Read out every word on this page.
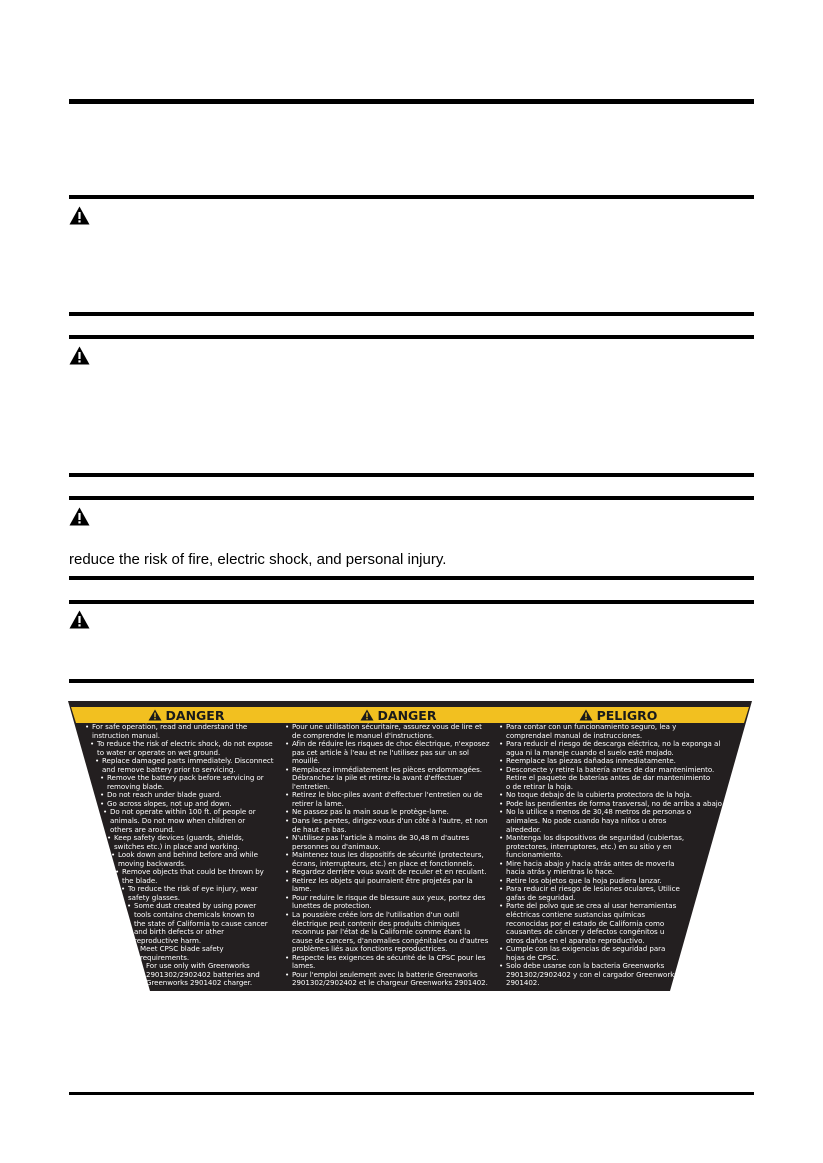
reduce the risk of fire, electric shock, and personal injury.
DANGER	DANGER	PELIGRO
• For safe operation, read and understand the
instruction manual.
• To reduce the risk of electric shock, do not expose
to water or operate on wet ground.
• Replace damaged parts immediately. Disconnect
and remove battery prior to servicing.
• Remove the battery pack before servicing or
removing blade.
• Do not reach under blade guard.
• Go across slopes, not up and down.
• Do not operate within 100 ft. of people or
animals. Do not mow when children or
others are around.
• Keep safety devices (guards, shields,
switches etc.) in place and working.
• Look down and behind before and while
moving backwards.
• Remove objects that could be thrown by
the blade.
• To reduce the risk of eye injury, wear
safety glasses.
• Some dust created by using power
tools contains chemicals known to
the state of California to cause cancer
and birth defects or other
reproductive harm.
• Meet CPSC blade safety
requirements.
• For use only with Greenworks
2901302/2902402 batteries and
Greenworks 2901402 charger.
• Pour une utilisation sécuritaire, assurez vous de lire et
de comprendre le manuel d'instructions.
• Afin de réduire les risques de choc électrique, n'exposez
pas cet article à l'eau et ne l'utilisez pas sur un sol
mouillé.
• Remplacez immédiatement les pièces endommagées.
Débranchez la pile et retirez-la avant d'effectuer
l'entretien.
• Retirez le bloc-piles avant d'effectuer l'entretien ou de
retirer la lame.
• Ne passez pas la main sous le protège-lame.
• Dans les pentes, dirigez-vous d'un côté à l'autre, et non
de haut en bas.
• N'utilisez pas l'article à moins de 30,48 m d'autres
personnes ou d'animaux.
• Maintenez tous les dispositifs de sécurité (protecteurs,
écrans, interrupteurs, etc.) en place et fonctionnels.
• Regardez derrière vous avant de reculer et en reculant.
• Retirez les objets qui pourraient être projetés par la
lame.
• Pour reduire le risque de blessure aux yeux, portez des
lunettes de protection.
• La poussière créée lors de l'utilisation d'un outil
électrique peut contenir des produits chimiques
reconnus par l'état de la Californie comme étant la
cause de cancers, d'anomalies congénitales ou d'autres
problèmes liés aux fonctions reproductrices.
• Respecte les exigences de sécurité de la CPSC pour les
lames.
• Pour l'emploi seulement avec la batterie Greenworks
2901302/2902402 et le chargeur Greenworks 2901402.
• Para contar con un funcionamiento seguro, lea y
comprendael manual de instrucciones.
• Para reducir el riesgo de descarga eléctrica, no la exponga al
agua ni la maneje cuando el suelo esté mojado.
• Reemplace las piezas dañadas inmediatamente.
• Desconecte y retire la batería antes de dar mantenimiento.
Retire el paquete de baterías antes de dar mantenimiento
o de retirar la hoja.
• No toque debajo de la cubierta protectora de la hoja.
• Pode las pendientes de forma trasversal, no de arriba a abajo.
• No la utilice a menos de 30,48 metros de personas o
animales. No pode cuando haya niños u otros
alrededor.
• Mantenga los dispositivos de seguridad (cubiertas,
protectores, interruptores, etc.) en su sitio y en
funcionamiento.
• Mire hacia abajo y hacia atrás antes de moverla
hacia atrás y mientras lo hace.
• Retire los objetos que la hoja pudiera lanzar.
• Para reducir el riesgo de lesiones oculares, Utilice
gafas de seguridad.
• Parte del polvo que se crea al usar herramientas
eléctricas contiene sustancias químicas
reconocidas por el estado de California como
causantes de cáncer y defectos congénitos u
otros daños en el aparato reproductivo.
• Cumple con las exigencias de seguridad para
hojas de CPSC.
• Solo debe usarse con la bacteria Greenworks
2901302/2902402 y con el cargador Greenworks
2901402.
